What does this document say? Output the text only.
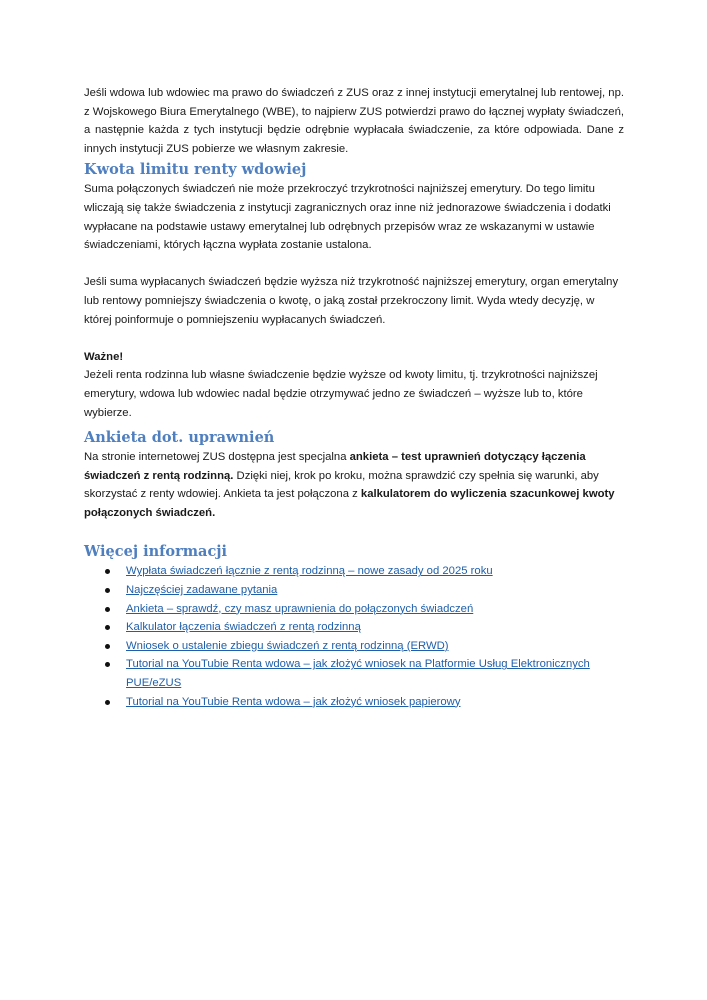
Jeśli wdowa lub wdowiec ma prawo do świadczeń z ZUS oraz z innej instytucji emerytalnej lub rentowej, np. z Wojskowego Biura Emerytalnego (WBE), to najpierw ZUS potwierdzi prawo do łącznej wypłaty świadczeń, a następnie każda z tych instytucji będzie odrębnie wypłacała świadczenie, za które odpowiada. Dane z innych instytucji ZUS pobierze we własnym zakresie.

Kwota limitu renty wdowiej

Suma połączonych świadczeń nie może przekroczyć trzykrotności najniższej emerytury. Do tego limitu wliczają się także świadczenia z instytucji zagranicznych oraz inne niż jednorazowe świadczenia i dodatki wypłacane na podstawie ustawy emerytalnej lub odrębnych przepisów wraz ze wskazanymi w ustawie świadczeniami, których łączna wypłata zostanie ustalona.

Jeśli suma wypłacanych świadczeń będzie wyższa niż trzykrotność najniższej emerytury, organ emerytalny lub rentowy pomniejszy świadczenia o kwotę, o jaką został przekroczony limit. Wyda wtedy decyzję, w której poinformuje o pomniejszeniu wypłacanych świadczeń.

Ważne!

Jeżeli renta rodzinna lub własne świadczenie będzie wyższe od kwoty limitu, tj. trzykrotności najniższej emerytury, wdowa lub wdowiec nadal będzie otrzymywać jedno ze świadczeń – wyższe lub to, które wybierze.

Ankieta dot. uprawnień

Na stronie internetowej ZUS dostępna jest specjalna ankieta – test uprawnień dotyczący łączenia świadczeń z rentą rodzinną. Dzięki niej, krok po kroku, można sprawdzić czy spełnia się warunki, aby skorzystać z renty wdowiej. Ankieta ta jest połączona z kalkulatorem do wyliczenia szacunkowej kwoty połączonych świadczeń.

Więcej informacji
Wypłata świadczeń łącznie z rentą rodzinną – nowe zasady od 2025 roku
Najczęściej zadawane pytania
Ankieta – sprawdź, czy masz uprawnienia do połączonych świadczeń
Kalkulator łączenia świadczeń z rentą rodzinną
Wniosek o ustalenie zbiegu świadczeń z rentą rodzinną (ERWD)
Tutorial na YouTubie Renta wdowa – jak złożyć wniosek na Platformie Usług Elektronicznych PUE/eZUS
Tutorial na YouTubie Renta wdowa – jak złożyć wniosek papierowy
